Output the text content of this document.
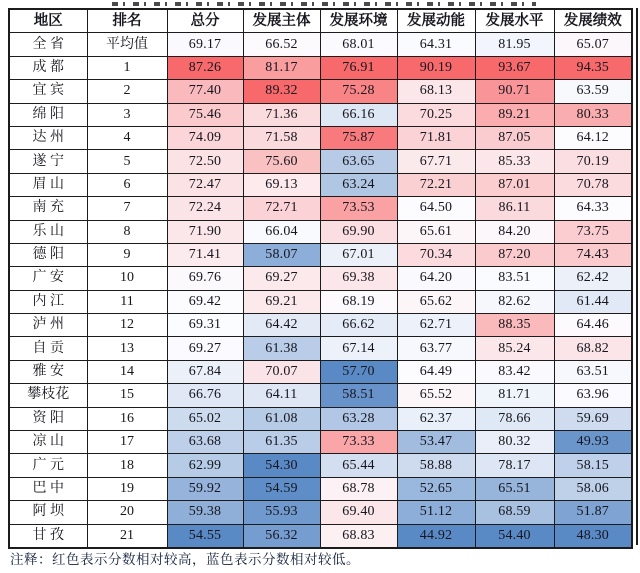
地区	排名	总分	发展主体	发展环境	发展动能	发展水平	发展绩效
全 省	平均值	69.17	66.52	68.01	64.31	81.95	65.07
成 都	1	87.26	81.17	76.91	90.19	93.67	94.35
宜 宾	2	77.40	89.32	75.28	68.13	90.71	63.59
绵 阳	3	75.46	71.36	66.16	70.25	89.21	80.33
达 州	4	74.09	71.58	75.87	71.81	87.05	64.12
遂 宁	5	72.50	75.60	63.65	67.71	85.33	70.19
眉 山	6	72.47	69.13	63.24	72.21	87.01	70.78
南 充	7	72.24	72.71	73.53	64.50	86.11	64.33
乐 山	8	71.90	66.04	69.90	65.61	84.20	73.75
德 阳	9	71.41	58.07	67.01	70.34	87.20	74.43
广 安	10	69.76	69.27	69.38	64.20	83.51	62.42
内 江	11	69.42	69.21	68.19	65.62	82.62	61.44
泸 州	12	69.31	64.42	66.62	62.71	88.35	64.46
自 贡	13	69.27	61.38	67.14	63.77	85.24	68.82
雅 安	14	67.84	70.07	57.70	64.49	83.42	63.51
攀枝花	15	66.76	64.11	58.51	65.52	81.71	63.96
资 阳	16	65.02	61.08	63.28	62.37	78.66	59.69
凉 山	17	63.68	61.35	73.33	53.47	80.32	49.93
广 元	18	62.99	54.30	65.44	58.88	78.17	58.15
巴 中	19	59.92	54.59	68.78	52.65	65.51	58.06
阿 坝	20	59.38	55.93	69.40	51.12	68.59	51.87
甘 孜	21	54.55	56.32	68.83	44.92	54.40	48.30
注释：红色表示分数相对较高，蓝色表示分数相对较低。
